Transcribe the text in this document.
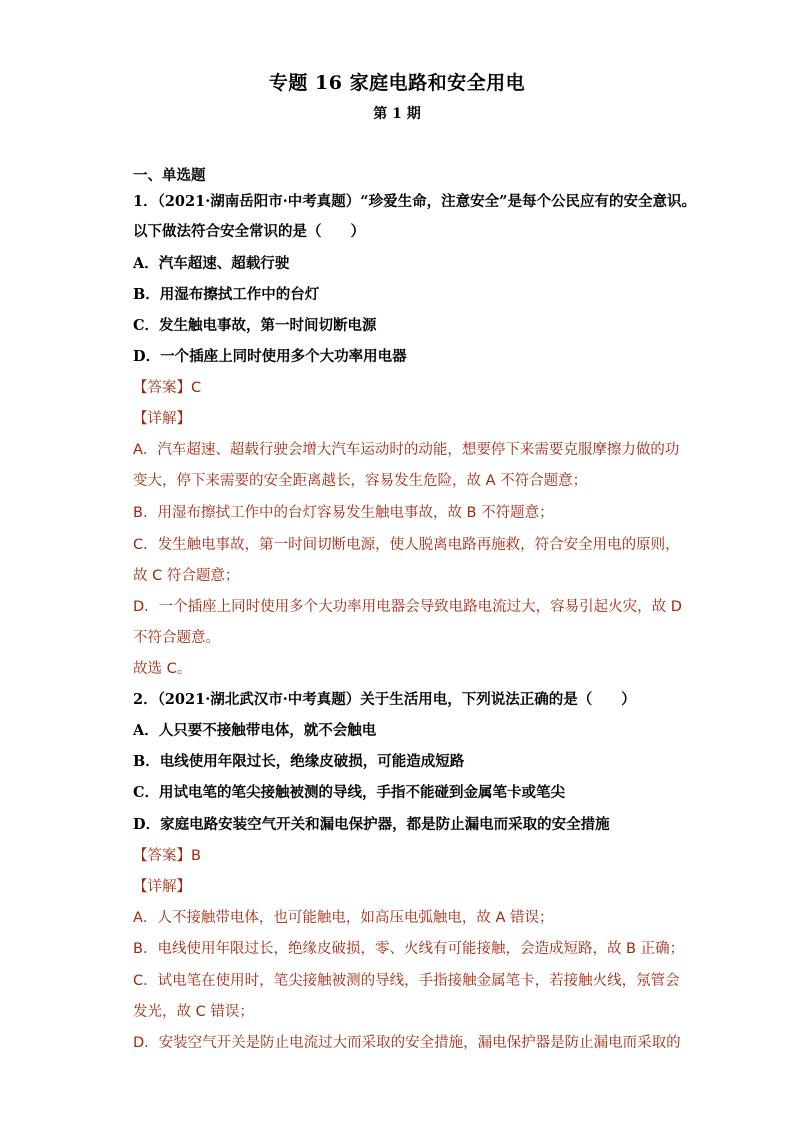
专题 16 家庭电路和安全用电
第 1 期
一、单选题
1．（2021·湖南岳阳市·中考真题）“珍爱生命，注意安全”是每个公民应有的安全意识。
以下做法符合安全常识的是（　　）
A．汽车超速、超载行驶
B．用湿布擦拭工作中的台灯
C．发生触电事故，第一时间切断电源
D．一个插座上同时使用多个大功率用电器
【答案】C
【详解】
A．汽车超速、超载行驶会增大汽车运动时的动能，想要停下来需要克服摩擦力做的功
变大，停下来需要的安全距离越长，容易发生危险，故 A 不符合题意；
B．用湿布擦拭工作中的台灯容易发生触电事故，故 B 不符题意；
C．发生触电事故，第一时间切断电源，使人脱离电路再施救，符合安全用电的原则，
故 C 符合题意；
D．一个插座上同时使用多个大功率用电器会导致电路电流过大，容易引起火灾，故 D
不符合题意。
故选 C。
2．（2021·湖北武汉市·中考真题）关于生活用电，下列说法正确的是（　　）
A．人只要不接触带电体，就不会触电
B．电线使用年限过长，绝缘皮破损，可能造成短路
C．用试电笔的笔尖接触被测的导线，手指不能碰到金属笔卡或笔尖
D．家庭电路安装空气开关和漏电保护器，都是防止漏电而采取的安全措施
【答案】B
【详解】
A．人不接触带电体，也可能触电，如高压电弧触电，故 A 错误；
B．电线使用年限过长，绝缘皮破损，零、火线有可能接触，会造成短路，故 B 正确；
C．试电笔在使用时，笔尖接触被测的导线，手指接触金属笔卡，若接触火线，氖管会
发光，故 C 错误；
D．安装空气开关是防止电流过大而采取的安全措施，漏电保护器是防止漏电而采取的
